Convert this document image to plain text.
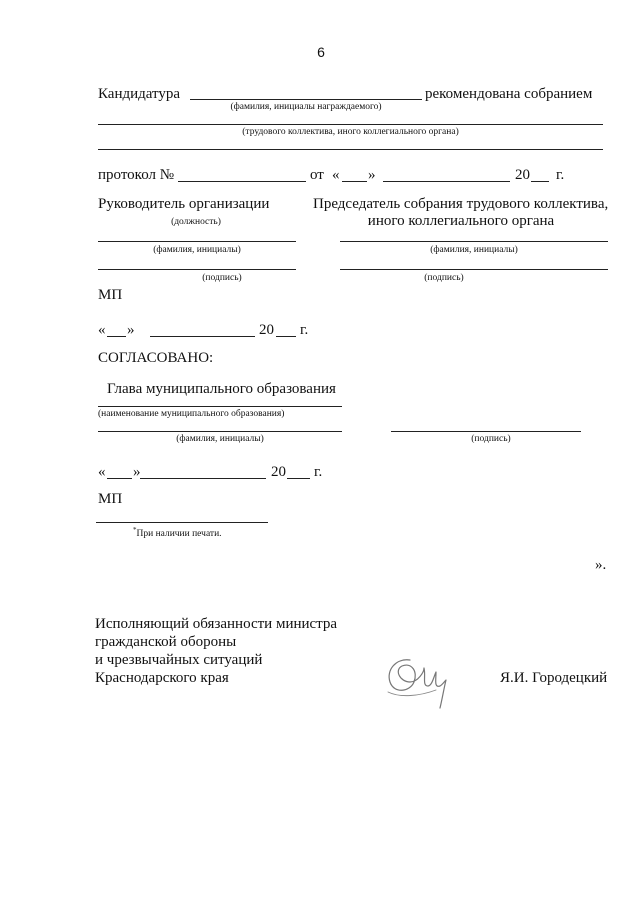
6
Кандидатура	рекомендована собранием
(фамилия, инициалы награждаемого)
(трудового коллектива, иного коллегиального органа)
протокол №	от « »	20 г.
Руководитель организации
(должность)
Председатель собрания трудового коллектива,
иного коллегиального органа
(фамилия, инициалы)	(фамилия, инициалы)
(подпись)	(подпись)
МП
« »	20 г.
СОГЛАСОВАНО:
Глава муниципального образования
(наименование муниципального образования)
(фамилия, инициалы)	(подпись)
« »	20 г.
МП
*При наличии печати.
».
Исполняющий обязанности министра
гражданской обороны
и чрезвычайных ситуаций
Краснодарского края	Я.И. Городецкий
